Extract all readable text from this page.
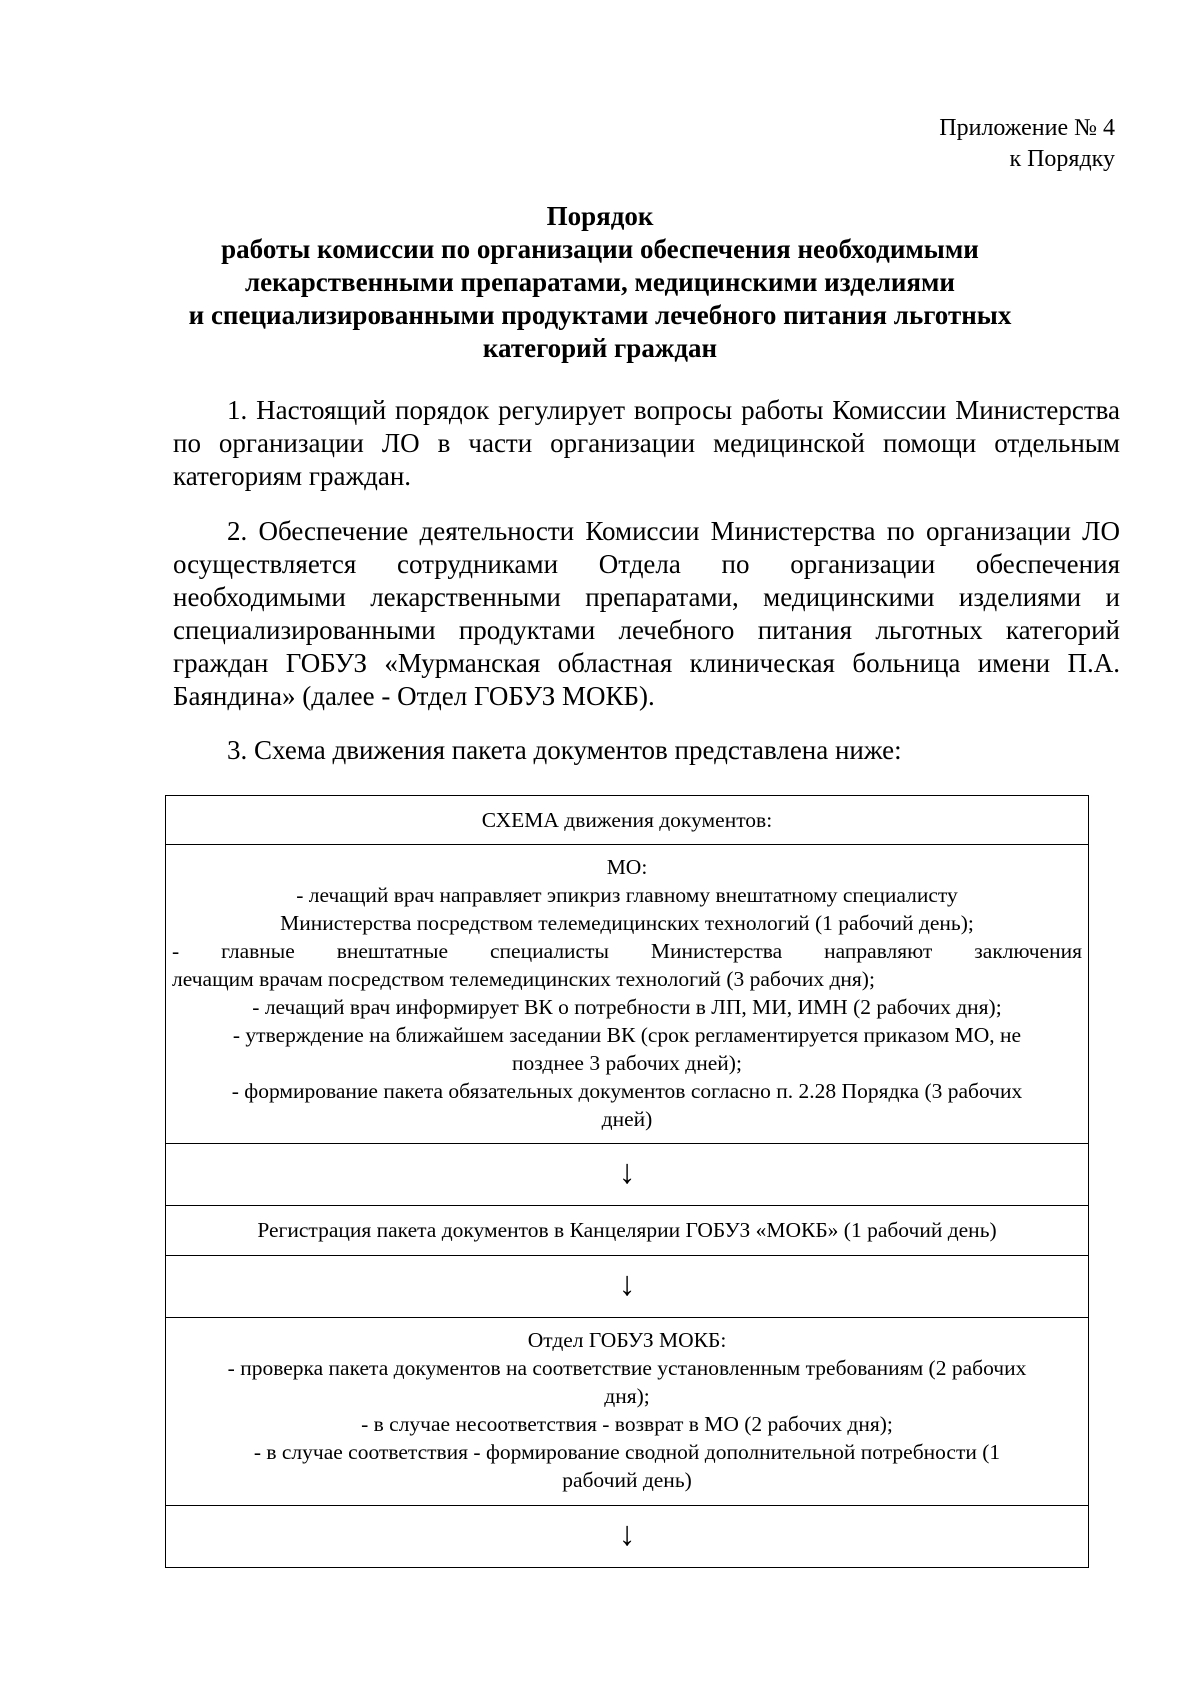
Приложение № 4
к Порядку
Порядок
работы комиссии по организации обеспечения необходимыми
лекарственными препаратами, медицинскими изделиями
и специализированными продуктами лечебного питания льготных
категорий граждан

1. Настоящий порядок регулирует вопросы работы Комиссии Министерства по организации ЛО в части организации медицинской помощи отдельным категориям граждан.

2. Обеспечение деятельности Комиссии Министерства по организации ЛО осуществляется сотрудниками Отдела по организации обеспечения необходимыми лекарственными препаратами, медицинскими изделиями и специализированными продуктами лечебного питания льготных категорий граждан ГОБУЗ «Мурманская областная клиническая больница имени П.А. Баяндина» (далее - Отдел ГОБУЗ МОКБ).

3. Схема движения пакета документов представлена ниже:

СХЕМА движения документов:
МО:
- лечащий врач направляет эпикриз главному внештатному специалисту
Министерства посредством телемедицинских технологий (1 рабочий день);
- главные внештатные специалисты Министерства направляют заключения
лечащим врачам посредством телемедицинских технологий (3 рабочих дня);
- лечащий врач информирует ВК о потребности в ЛП, МИ, ИМН (2 рабочих дня);
- утверждение на ближайшем заседании ВК (срок регламентируется приказом МО, не
позднее 3 рабочих дней);
- формирование пакета обязательных документов согласно п. 2.28 Порядка (3 рабочих
дней)
↓
Регистрация пакета документов в Канцелярии ГОБУЗ «МОКБ» (1 рабочий день)
↓
Отдел ГОБУЗ МОКБ:
- проверка пакета документов на соответствие установленным требованиям (2 рабочих
дня);
- в случае несоответствия - возврат в МО (2 рабочих дня);
- в случае соответствия - формирование сводной дополнительной потребности (1
рабочий день)
↓
